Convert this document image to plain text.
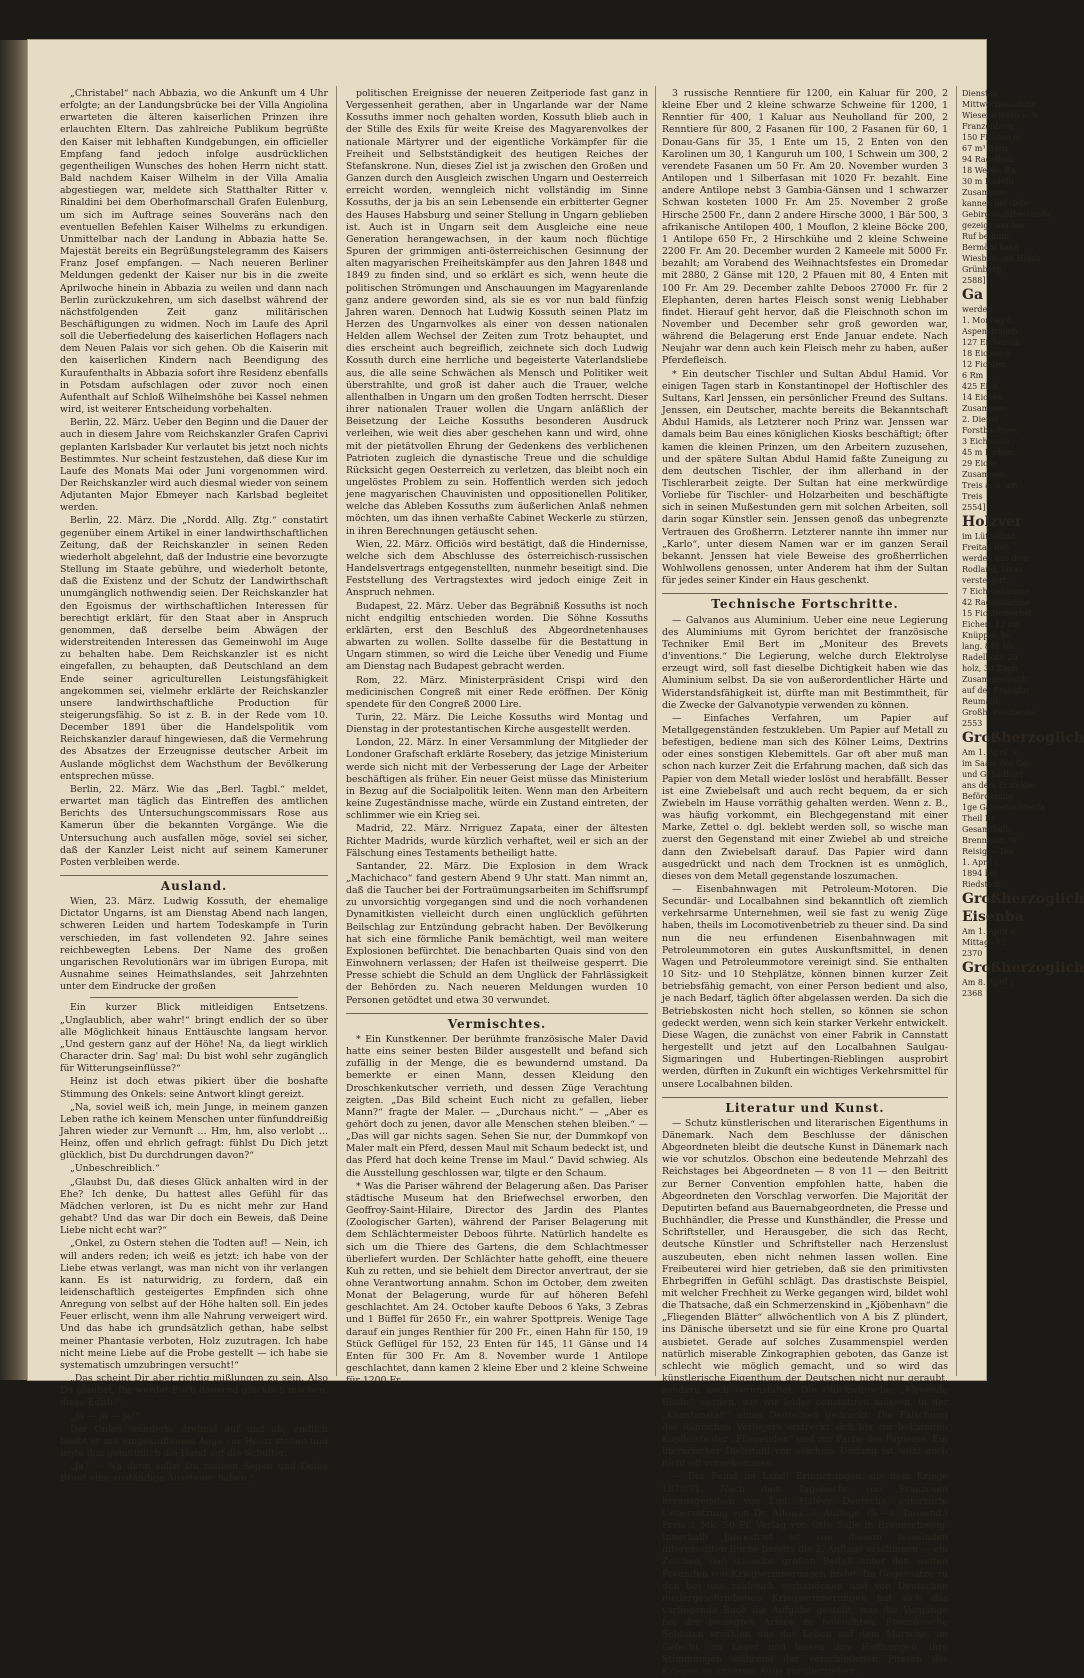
„Christabel“ nach Abbazia, wo die Ankunft um 4 Uhr erfolgte; an der Landungsbrücke bei der Villa Angiolina erwarteten die älteren kaiserlichen Prinzen ihre erlauchten Eltern. Das zahlreiche Publikum begrüßte den Kaiser mit lebhaften Kundgebungen, ein officieller Empfang fand jedoch infolge ausdrücklichen gegentheiligen Wunsches des hohen Herrn nicht statt. Bald nachdem Kaiser Wilhelm in der Villa Amalia abgestiegen war, meldete sich Statthalter Ritter v. Rinaldini bei dem Oberhofmarschall Grafen Eulenburg, um sich im Auftrage seines Souveräns nach den eventuellen Befehlen Kaiser Wilhelms zu erkundigen. Unmittelbar nach der Landung in Abbazia hatte Se. Majestät bereits ein Begrüßungstelegramm des Kaisers Franz Josef empfangen. — Nach neueren Berliner Meldungen gedenkt der Kaiser nur bis in die zweite Aprilwoche hinein in Abbazia zu weilen und dann nach Berlin zurückzukehren, um sich daselbst während der nächstfolgenden Zeit ganz militärischen Beschäftigungen zu widmen. Noch im Laufe des April soll die Ueberfiedelung des kaiserlichen Hoflagers nach dem Neuen Palais vor sich gehen. Ob die Kaiserin mit den kaiserlichen Kindern nach Beendigung des Kuraufenthalts in Abbazia sofort ihre Residenz ebenfalls in Potsdam aufschlagen oder zuvor noch einen Aufenthalt auf Schloß Wilhelmshöhe bei Kassel nehmen wird, ist weiterer Entscheidung vorbehalten.

Berlin, 22. März. Ueber den Beginn und die Dauer der auch in diesem Jahre vom Reichskanzler Grafen Caprivi geplanten Karlsbader Kur verlautet bis jetzt noch nichts Bestimmtes. Nur scheint festzustehen, daß diese Kur im Laufe des Monats Mai oder Juni vorgenommen wird. Der Reichskanzler wird auch diesmal wieder von seinem Adjutanten Major Ebmeyer nach Karlsbad begleitet werden.

Berlin, 22. März. Die „Nordd. Allg. Ztg.“ constatirt gegenüber einem Artikel in einer landwirthschaftlichen Zeitung, daß der Reichskanzler in seinen Reden wiederholt abgelehnt, daß der Industrie eine bevorzugte Stellung im Staate gebühre, und wiederholt betonte, daß die Existenz und der Schutz der Landwirthschaft unumgänglich nothwendig seien. Der Reichskanzler hat den Egoismus der wirthschaftlichen Interessen für berechtigt erklärt, für den Staat aber in Anspruch genommen, daß derselbe beim Abwägen der widerstreitenden Interessen das Gemeinwohl im Auge zu behalten habe. Dem Reichskanzler ist es nicht eingefallen, zu behaupten, daß Deutschland an dem Ende seiner agriculturellen Leistungsfähigkeit angekommen sei, vielmehr erklärte der Reichskanzler unsere landwirthschaftliche Production für steigerungsfähig. So ist z. B. in der Rede vom 10. December 1891 über die Handelspolitik vom Reichskanzler darauf hingewiesen, daß die Vermehrung des Absatzes der Erzeugnisse deutscher Arbeit im Auslande möglichst dem Wachsthum der Bevölkerung entsprechen müsse.

Berlin, 22. März. Wie das „Berl. Tagbl.“ meldet, erwartet man täglich das Eintreffen des amtlichen Berichts des Untersuchungscommissars Rose aus Kamerun über die bekannten Vorgänge. Wie die Untersuchung auch ausfallen möge, soviel sei sicher, daß der Kanzler Leist nicht auf seinem Kameruner Posten verbleiben werde.

Ausland.

Wien, 23. März. Ludwig Kossuth, der ehemalige Dictator Ungarns, ist am Dienstag Abend nach langen, schweren Leiden und hartem Todeskampfe in Turin verschieden, im fast vollendeten 92. Jahre seines reichbewegten Lebens. Der Name des großen ungarischen Revolutionärs war im übrigen Europa, mit Ausnahme seines Heimathslandes, seit Jahrzehnten unter dem Eindrucke der großen

Ein kurzer Blick mitleidigen Entsetzens. „Unglaublich, aber wahr!“ bringt endlich der so über alle Möglichkeit hinaus Enttäuschte langsam hervor. „Und gestern ganz auf der Höhe! Na, da liegt wirklich Character drin. Sag' mal: Du bist wohl sehr zugänglich für Witterungseinflüsse?“

Heinz ist doch etwas pikiert über die boshafte Stimmung des Onkels: seine Antwort klingt gereizt.

„Na, soviel weiß ich, mein Junge, in meinem ganzen Leben rathe ich keinem Menschen unter fünfunddreißig Jahren wieder zur Vernunft … Hm, hm, also verlobt … Heinz, offen und ehrlich gefragt: fühlst Du Dich jetzt glücklich, bist Du durchdrungen davon?“

„Unbeschreiblich.“

„Glaubst Du, daß dieses Glück anhalten wird in der Ehe? Ich denke, Du hattest alles Gefühl für das Mädchen verloren, ist Du es nicht mehr zur Hand gehabt? Und das war Dir doch ein Beweis, daß Deine Liebe nicht echt war?“

„Onkel, zu Ostern stehen die Todten auf! — Nein, ich will anders reden; ich weiß es jetzt: ich habe von der Liebe etwas verlangt, was man nicht von ihr verlangen kann. Es ist naturwidrig, zu fordern, daß ein leidenschaftlich gesteigertes Empfinden sich ohne Anregung von selbst auf der Höhe halten soll. Ein jedes Feuer erlischt, wenn ihm alle Nahrung verweigert wird. Und das habe ich grundsätzlich gethan, habe selbst meiner Phantasie verboten, Holz zuzutragen. Ich habe nicht meine Liebe auf die Probe gestellt — ich habe sie systematisch umzubringen versucht!“

„Das scheint Dir aber richtig mißlungen zu sein. Also Du glaubst, Ihr werdet Euch dauernd glücklich machen, diese Edith?“

„Ja — ja — ja!“

Der Onkel wanderte dreimal auf und ab; endlich bleibt er mit eingekniffenem Auge vor Heinz stehen und legte ihm gemüthlich die Hand auf die Schulter.

„Ja? — Na dann sollst Du meinen Segen und Deine Braut eine anständige Aussteuer haben.“

politischen Ereignisse der neueren Zeitperiode fast ganz in Vergessenheit gerathen, aber in Ungarlande war der Name Kossuths immer noch gehalten worden, Kossuth blieb auch in der Stille des Exils für weite Kreise des Magyarenvolkes der nationale Märtyrer und der eigentliche Vorkämpfer für die Freiheit und Selbstständigkeit des heutigen Reiches der Stefanskrone. Nun, dieses Ziel ist ja zwischen den Großen und Ganzen durch den Ausgleich zwischen Ungarn und Oesterreich erreicht worden, wenngleich nicht vollständig im Sinne Kossuths, der ja bis an sein Lebensende ein erbitterter Gegner des Hauses Habsburg und seiner Stellung in Ungarn geblieben ist. Auch ist in Ungarn seit dem Ausgleiche eine neue Generation herangewachsen, in der kaum noch flüchtige Spuren der grimmigen anti-österreichischen Gesinnung der alten magyarischen Freiheitskämpfer aus den Jahren 1848 und 1849 zu finden sind, und so erklärt es sich, wenn heute die politischen Strömungen und Anschauungen im Magyarenlande ganz andere geworden sind, als sie es vor nun bald fünfzig Jahren waren. Dennoch hat Ludwig Kossuth seinen Platz im Herzen des Ungarnvolkes als einer von dessen nationalen Helden allem Wechsel der Zeiten zum Trotz behauptet, und dies erscheint auch begreiflich, zeichnete sich doch Ludwig Kossuth durch eine herrliche und begeisterte Vaterlandsliebe aus, die alle seine Schwächen als Mensch und Politiker weit überstrahlte, und groß ist daher auch die Trauer, welche allenthalben in Ungarn um den großen Todten herrscht. Dieser ihrer nationalen Trauer wollen die Ungarn anläßlich der Beisetzung der Leiche Kossuths besonderen Ausdruck verleihen, wie weit dies aber geschehen kann und wird, ohne mit der pietätvollen Ehrung der Gedenkens des verblichenen Patrioten zugleich die dynastische Treue und die schuldige Rücksicht gegen Oesterreich zu verletzen, das bleibt noch ein ungelöstes Problem zu sein. Hoffentlich werden sich jedoch jene magyarischen Chauvinisten und oppositionellen Politiker, welche das Ableben Kossuths zum äußerlichen Anlaß nehmen möchten, um das ihnen verhaßte Cabinet Weckerle zu stürzen, in ihren Berechnungen getäuscht sehen.

Wien, 22. März. Officiös wird bestätigt, daß die Hindernisse, welche sich dem Abschlusse des österreichisch-russischen Handelsvertrags entgegenstellten, nunmehr beseitigt sind. Die Feststellung des Vertragstextes wird jedoch einige Zeit in Anspruch nehmen.

Budapest, 22. März. Ueber das Begräbniß Kossuths ist noch nicht endgiltig entschieden worden. Die Söhne Kossuths erklärten, erst den Beschluß des Abgeordnetenhauses abwarten zu wollen. Sollte dasselbe für die Bestattung in Ungarn stimmen, so wird die Leiche über Venedig und Fiume am Dienstag nach Budapest gebracht werden.

Rom, 22. März. Ministerpräsident Crispi wird den medicinischen Congreß mit einer Rede eröffnen. Der König spendete für den Congreß 2000 Lire.

Turin, 22. März. Die Leiche Kossuths wird Montag und Dienstag in der protestantischen Kirche ausgestellt werden.

London, 22. März. In einer Versammlung der Mitglieder der Londoner Grafschaft erklärte Rosebery, das jetzige Ministerium werde sich nicht mit der Verbesserung der Lage der Arbeiter beschäftigen als früher. Ein neuer Geist müsse das Ministerium in Bezug auf die Socialpolitik leiten. Wenn man den Arbeitern keine Zugeständnisse mache, würde ein Zustand eintreten, der schlimmer wie ein Krieg sei.

Madrid, 22. März. Nrriguez Zapata, einer der ältesten Richter Madrids, wurde kürzlich verhaftet, weil er sich an der Fälschung eines Testaments betheiligt hatte.

Santander, 22. März. Die Explosion in dem Wrack „Machichaco“ fand gestern Abend 9 Uhr statt. Man nimmt an, daß die Taucher bei der Fortraümungsarbeiten im Schiffsrumpf zu unvorsichtig vorgegangen sind und die noch vorhandenen Dynamitkisten vielleicht durch einen unglücklich geführten Beilschlag zur Entzündung gebracht haben. Der Bevölkerung hat sich eine förmliche Panik bemächtigt, weil man weitere Explosionen befürchtet. Die benachbarten Quais sind von den Einwohnern verlassen; der Hafen ist theilweise gesperrt. Die Presse schiebt die Schuld an dem Unglück der Fahrlässigkeit der Behörden zu. Nach neueren Meldungen wurden 10 Personen getödtet und etwa 30 verwundet.

Vermischtes.

* Ein Kunstkenner. Der berühmte französische Maler David hatte eins seiner besten Bilder ausgestellt und befand sich zufällig in der Menge, die es bewundernd umstand. Da bemerkte er einen Mann, dessen Kleidung den Droschkenkutscher verrieth, und dessen Züge Verachtung zeigten. „Das Bild scheint Euch nicht zu gefallen, lieber Mann?“ fragte der Maler. — „Durchaus nicht.“ — „Aber es gehört doch zu jenen, davor alle Menschen stehen bleiben.“ — „Das will gar nichts sagen. Sehen Sie nur, der Dummkopf von Maler malt ein Pferd, dessen Maul mit Schaum bedeckt ist, und das Pferd hat doch keine Trense im Maul.“ David schwieg. Als die Ausstellung geschlossen war, tilgte er den Schaum.

* Was die Pariser während der Belagerung aßen. Das Pariser städtische Museum hat den Briefwechsel erworben, den Geoffroy-Saint-Hilaire, Director des Jardin des Plantes (Zoologischer Garten), während der Pariser Belagerung mit dem Schlächtermeister Deboos führte. Natürlich handelte es sich um die Thiere des Gartens, die dem Schlachtmesser überliefert wurden. Der Schlächter hatte gehofft, eine theuere Kuh zu retten, und sie behielt dem Director anvertraut, der sie ohne Verantwortung annahm. Schon im October, dem zweiten Monat der Belagerung, wurde für auf höheren Befehl geschlachtet. Am 24. October kaufte Deboos 6 Yaks, 3 Zebras und 1 Büffel für 2650 Fr., ein wahrer Spottpreis. Wenige Tage darauf ein junges Renthier für 200 Fr., einen Hahn für 150, 19 Stück Geflügel für 152, 23 Enten für 145, 11 Gänse und 14 Enten für 300 Fr. Am 8. November wurde 1 Antilope geschlachtet, dann kamen 2 kleine Eber und 2 kleine Schweine für 1200 Fr.,

3 russische Renntiere für 1200, ein Kaluar für 200, 2 kleine Eber und 2 kleine schwarze Schweine für 1200, 1 Renntier für 400, 1 Kaluar aus Neuholland für 200, 2 Renntiere für 800, 2 Fasanen für 100, 2 Fasanen für 60, 1 Donau-Gans für 35, 1 Ente um 15, 2 Enten von den Karolinen um 30, 1 Kanguruh um 100, 1 Schwein um 300, 2 verendete Fasanen um 50 Fr. Am 20. November wurden 3 Antilopen und 1 Silberfasan mit 1020 Fr. bezahlt. Eine andere Antilope nebst 3 Gambia-Gänsen und 1 schwarzer Schwan kosteten 1000 Fr. Am 25. November 2 große Hirsche 2500 Fr., dann 2 andere Hirsche 3000, 1 Bär 500, 3 afrikanische Antilopen 400, 1 Mouflon, 2 kleine Böcke 200, 1 Antilope 650 Fr., 2 Hirschkühe und 2 kleine Schweine 2200 Fr. Am 20. December wurden 2 Kameele mit 5000 Fr. bezahlt; am Vorabend des Weihnachtsfestes ein Dromedar mit 2880, 2 Gänse mit 120, 2 Pfauen mit 80, 4 Enten mit 100 Fr. Am 29. December zahlte Deboos 27000 Fr. für 2 Elephanten, deren hartes Fleisch sonst wenig Liebhaber findet. Hierauf geht hervor, daß die Fleischnoth schon im November und December sehr groß geworden war, während die Belagerung erst Ende Januar endete. Nach Neujahr war denn auch kein Fleisch mehr zu haben, außer Pferdefleisch.

* Ein deutscher Tischler und Sultan Abdul Hamid. Vor einigen Tagen starb in Konstantinopel der Hoftischler des Sultans, Karl Jenssen, ein persönlicher Freund des Sultans. Jenssen, ein Deutscher, machte bereits die Bekanntschaft Abdul Hamids, als Letzterer noch Prinz war. Jenssen war damals beim Bau eines königlichen Kiosks beschäftigt; öfter kamen die kleinen Prinzen, um den Arbeitern zuzusehen, und der spätere Sultan Abdul Hamid faßte Zuneigung zu dem deutschen Tischler, der ihm allerhand in der Tischlerarbeit zeigte. Der Sultan hat eine merkwürdige Vorliebe für Tischler- und Holzarbeiten und beschäftigte sich in seinen Mußestunden gern mit solchen Arbeiten, soll darin sogar Künstler sein. Jenssen genoß das unbegrenzte Vertrauen des Großherrn. Letzterer nannte ihn immer nur „Karlo“, unter diesem Namen war er im ganzen Serail bekannt. Jenssen hat viele Beweise des großherrlichen Wohlwollens genossen, unter Anderem hat ihm der Sultan für jedes seiner Kinder ein Haus geschenkt.

Technische Fortschritte.

— Galvanos aus Aluminium. Ueber eine neue Legierung des Aluminiums mit Gyrom berichtet der französische Techniker Emil Bert im „Moniteur des Brevets d'inventions.“ Die Legierung, welche durch Elektrolyse erzeugt wird, soll fast dieselbe Dichtigkeit haben wie das Aluminium selbst. Da sie von außerordentlicher Härte und Widerstandsfähigkeit ist, dürfte man mit Bestimmtheit, für die Zwecke der Galvanotypie verwenden zu können.

— Einfaches Verfahren, um Papier auf Metallgegenständen festzukleben. Um Papier auf Metall zu befestigen, bediene man sich des Kölner Leims, Dextrins oder eines sonstigen Klebemittels. Gar oft aber muß man schon nach kurzer Zeit die Erfahrung machen, daß sich das Papier von dem Metall wieder loslöst und herabfällt. Besser ist eine Zwiebelsaft und auch recht bequem, da er sich Zwiebeln im Hause vorräthig gehalten werden. Wenn z. B., was häufig vorkommt, ein Blechgegenstand mit einer Marke, Zettel o. dgl. beklebt werden soll, so wische man zuerst den Gegenstand mit einer Zwiebel ab und streiche dann den Zwiebelsaft darauf. Das Papier wird dann ausgedrückt und nach dem Trocknen ist es unmöglich, dieses von dem Metall gegenstande loszumachen.

— Eisenbahnwagen mit Petroleum-Motoren. Die Secundär- und Localbahnen sind bekanntlich oft ziemlich verkehrsarme Unternehmen, weil sie fast zu wenig Züge haben, theils im Locomotivenbetrieb zu theuer sind. Da sind nun die neu erfundenen Eisenbahnwagen mit Petroleummotoren ein gutes Auskunftsmittel, in denen Wagen und Petroleummotore vereinigt sind. Sie enthalten 10 Sitz- und 10 Stehplätze, können binnen kurzer Zeit betriebsfähig gemacht, von einer Person bedient und also, je nach Bedarf, täglich öfter abgelassen werden. Da sich die Betriebskosten nicht hoch stellen, so können sie schon gedeckt werden, wenn sich kein starker Verkehr entwickelt. Diese Wagen, die zunächst von einer Fabrik in Cannstatt hergestellt und jetzt auf den Localbahnen Saulgau-Sigmaringen und Hubertingen-Rieblingen ausprobirt werden, dürften in Zukunft ein wichtiges Verkehrsmittel für unsere Localbahnen bilden.

Literatur und Kunst.

— Schutz künstlerischen und literarischen Eigenthums in Dänemark. Nach dem Beschlusse der dänischen Abgeordneten bleibt die deutsche Kunst in Dänemark nach wie vor schutzlos. Obschon eine bedeutende Mehrzahl des Reichstages bei Abgeordneten — 8 von 11 — den Beitritt zur Berner Convention empfohlen hatte, haben die Abgeordneten den Vorschlag verworfen. Die Majorität der Deputirten befand aus Bauernabgeordneten, die Presse und Buchhändler, die Presse und Kunsthändler, die Presse und Schriftsteller, und Herausgeber, die sich das Recht, deutsche Künstler und Schriftsteller nach Herzenslust auszubeuten, eben nicht nehmen lassen wollen. Eine Freibeuterei wird hier getrieben, daß sie den primitivsten Ehrbegriffen in Gefühl schlägt. Das drastischste Beispiel, mit welcher Frechheit zu Werke gegangen wird, bildet wohl die Thatsache, daß ein Schmerzenskind in „Kjöbenhavn“ die „Fliegenden Blätter“ allwöchentlich von A bis Z plündert, ins Dänische übersetzt und sie für eine Krone pro Quartal ausbietet. Gerade auf solches Zusammenspiel werden natürlich miserable Zinkographien geboten, das Ganze ist schlecht wie möglich gemacht, und so wird das künstlerische Eigenthum der Deutschen nicht nur geraubt, sondern auch verunstaltet. Die Glückwünsche, „Flyvende Blade“ werden, wie wir leider constatiren müssen, in der „Kunstanstalt“ eines Deutschen gedruckt. Die Fälschung des dänischen Verlegers erstreckt sich bis zur bekannten Kopfleiste der „Fliegenden“ und zur Farbe des Papieres. Ein literarischer Diebstahl von solchem Umfang ist wohl noch nicht oft vorgekommen.

— Der Feind im Land! Erinnerungen aus dem Kriege 1870/71. Nach dem Tagebuche von Franzosen herausgegeben von Lud. Halévy. Deutsche, autorisirte Uebersetzung von Dr. Altona. 3. Auflage. (5.—8. Tausend.) Preis 1 Mk. 50 Pf. Verlag von Otto Salle in Braunschweig. Innerhalb Jahresfrist ist von diesem fesselnden interessanten Buche bereits die 3. Auflage erschienen — ein Zeichen, daß dasselbe großen Beifall unter den weiten Freunden von Kriegserinnerungen findet. Im Gegensatze zu den bei uns zahlreich vorhandenen und von Deutschen niedergeschriebenen Kriegserinnerungen hat sich das vorliegende Buch die Aufgabe gestellt, was die Vorgänge bei der besiegten Armee zu beleuchten. Französische Soldaten erzählen uns das Leben auf dem Marsche, im Gefecht, im Lager und lassen ihre Hoffnungen, ihre Stimmungen während der verschiedenen Phasen des Krieges an unserem Auge vorüberziehen.

Dienstag
Mittwochsausfuhr
Wiesenwiesen u. h
Franzenberg
150 Fichten m
67 m³ Beru
94 Radelholz
18 Weide; Ra
30 m Radelh
Zusammen
kannen bei Gebe
Gebirgswaldbestände
gezeigt werden
Ruf beginnt
Bermöhl kann
Wiesbad; am Holzb
Grünberg
2588]
Ga
werden
1. Montag d
Aspenstrauch
127 Eichenstä
18 Eichen-S
12 Fichten
6 Rm
425 Eich
14 Eichen
Zusammen
2. Dienst
Forstbachsee,
3 Eichenstä
45 m Eichen
29 Eiche
Zusammen
Treis a. d. am
Treis
2554]
Holzver
im Lützellind
Freitag den
werden aus dem
Rodland, Strau
versteigert:
7 Eichenstämme
42 Radelstämme
15 Fichtenberbst
Eichen: 12 rm
Knüppel, bu
lang. 840 We
Radelholz: 20
holz, 30 Zugh
Zusammenkunft
auf der Frankfur
Reumald.
Großh. Reichenba
2553
Großherzoglich
Am 1. April, v
im Saale des Gas
und Gehädhart
ans dem Erzfelder
Beförderung
1ge Gänsenachtenfa
Theil II)
Gesamthalb-
Brennholz: W
Reisig — Die
1. April s.
1894 bei
Riedstadt
Großherzoglich
Eisenba
Am 1. April s.
Mittags 12
2370
Großherzoglich
Am 8. April s
2368
